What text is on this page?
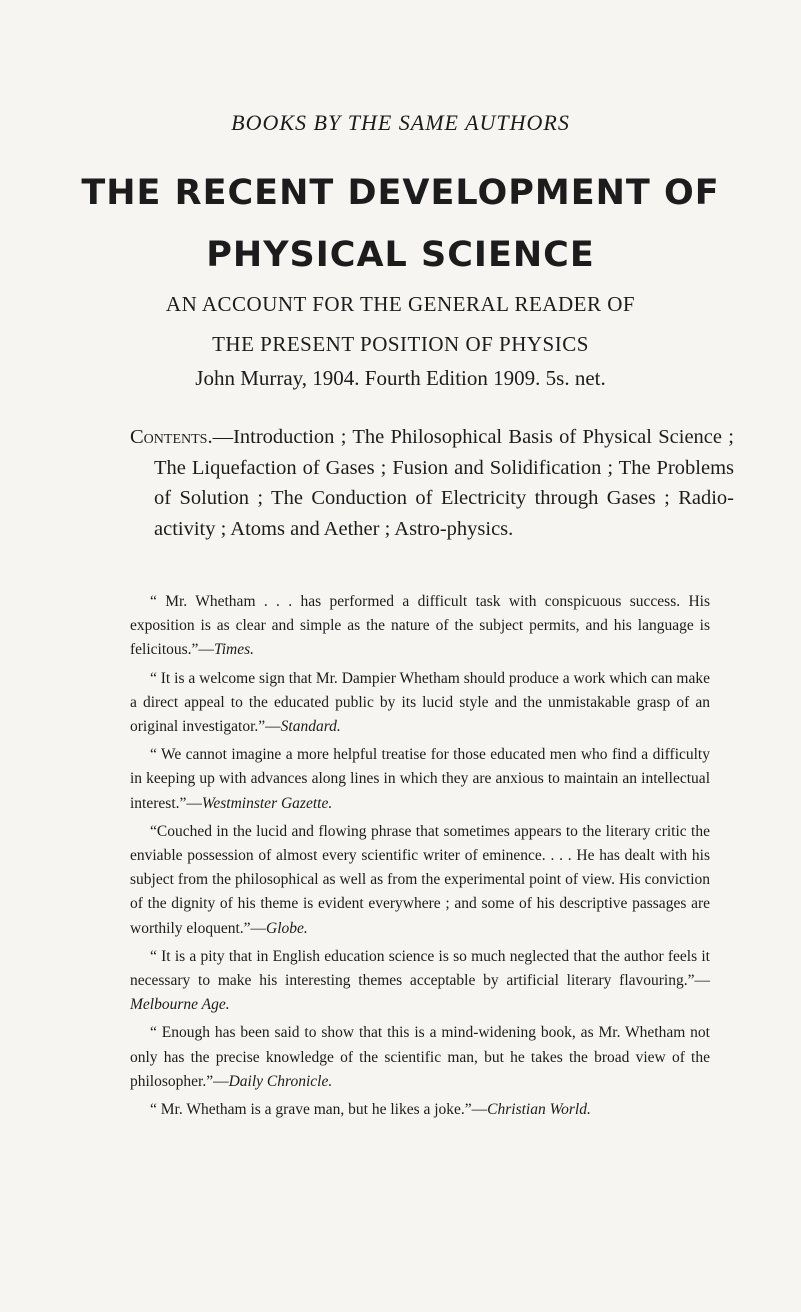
BOOKS BY THE SAME AUTHORS
THE RECENT DEVELOPMENT OF
PHYSICAL SCIENCE
AN ACCOUNT FOR THE GENERAL READER OF
THE PRESENT POSITION OF PHYSICS
John Murray, 1904. Fourth Edition 1909. 5s. net.
Contents.—Introduction ; The Philosophical Basis of Physical Science ; The Liquefaction of Gases ; Fusion and Solidification ; The Problems of Solution ; The Conduction of Electricity through Gases ; Radio-activity ; Atoms and Aether ; Astro-physics.

“ Mr. Whetham . . . has performed a difficult task with conspicuous success. His exposition is as clear and simple as the nature of the subject permits, and his language is felicitous.”—Times.

“ It is a welcome sign that Mr. Dampier Whetham should produce a work which can make a direct appeal to the educated public by its lucid style and the unmistakable grasp of an original investigator.”—Standard.

“ We cannot imagine a more helpful treatise for those educated men who find a difficulty in keeping up with advances along lines in which they are anxious to maintain an intellectual interest.”—Westminster Gazette.

“Couched in the lucid and flowing phrase that sometimes appears to the literary critic the enviable possession of almost every scientific writer of eminence. . . . He has dealt with his subject from the philosophical as well as from the experimental point of view. His conviction of the dignity of his theme is evident everywhere ; and some of his descriptive passages are worthily eloquent.”—Globe.

“ It is a pity that in English education science is so much neglected that the author feels it necessary to make his interesting themes acceptable by artificial literary flavouring.”—Melbourne Age.

“ Enough has been said to show that this is a mind-widening book, as Mr. Whetham not only has the precise knowledge of the scientific man, but he takes the broad view of the philosopher.”—Daily Chronicle.

“ Mr. Whetham is a grave man, but he likes a joke.”—Christian World.
